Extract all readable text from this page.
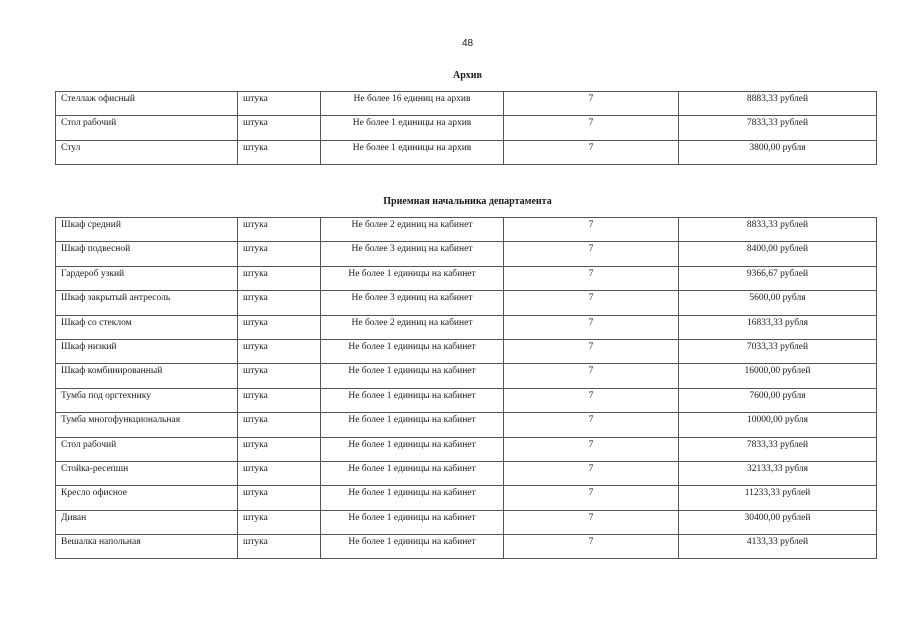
48
Архив
Стеллаж офисный	штука	Не более 16 единиц на архив	7	8883,33 рублей
Стол рабочий	штука	Не более 1 единицы на архив	7	7833,33 рублей
Стул	штука	Не более 1 единицы на архив	7	3800,00 рубля
Приемная начальника департамента
Шкаф средний	штука	Не более 2 единиц на кабинет	7	8833,33 рублей
Шкаф подвесной	штука	Не более 3 единиц на кабинет	7	8400,00 рублей
Гардероб узкий	штука	Не более 1 единицы на кабинет	7	9366,67 рублей
Шкаф закрытый антресоль	штука	Не более 3 единиц на кабинет	7	5600,00 рубля
Шкаф со стеклом	штука	Не более 2 единиц на кабинет	7	16833,33 рубля
Шкаф низкий	штука	Не более 1 единицы на кабинет	7	7033,33 рублей
Шкаф комбинированный	штука	Не более 1 единицы на кабинет	7	16000,00 рублей
Тумба под оргтехнику	штука	Не более 1 единицы на кабинет	7	7600,00 рубля
Тумба многофункциональная	штука	Не более 1 единицы на кабинет	7	10000,00 рубля
Стол рабочий	штука	Не более 1 единицы на кабинет	7	7833,33 рублей
Стойка-ресепшн	штука	Не более 1 единицы на кабинет	7	32133,33 рубля
Кресло офисное	штука	Не более 1 единицы на кабинет	7	11233,33 рублей
Диван	штука	Не более 1 единицы на кабинет	7	30400,00 рублей
Вешалка напольная	штука	Не более 1 единицы на кабинет	7	4133,33 рублей
